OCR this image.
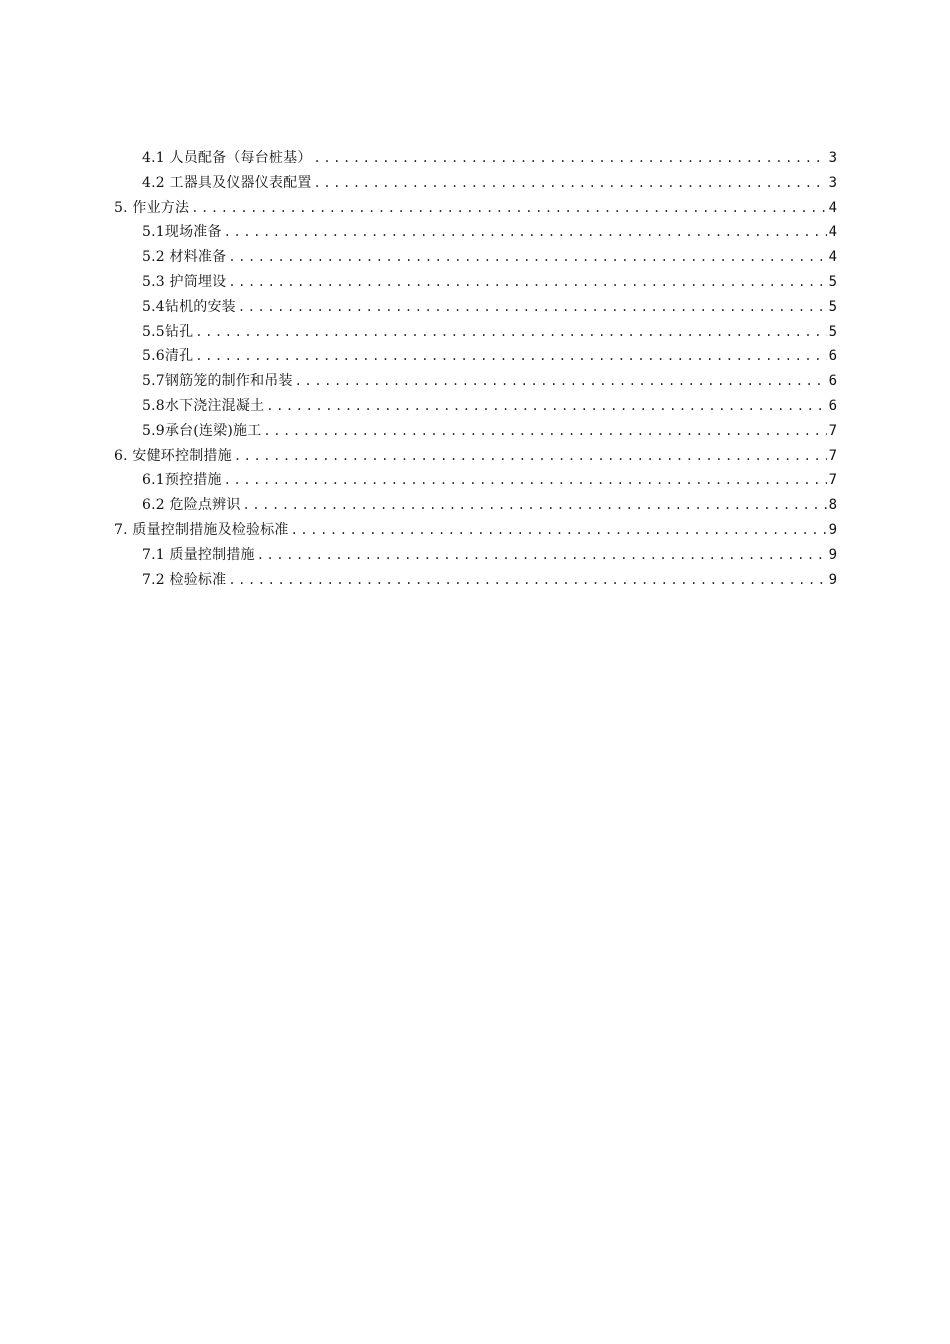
4.1 人员配备（每台桩基） .....	3
4.2 工器具及仪器仪表配置 .....	3
5. 作业方法 .....	4
5.1现场准备 .....	4
5.2 材料准备 .....	4
5.3 护筒埋设 .....	5
5.4钻机的安装 .....	5
5.5钻孔 .....	5
5.6清孔 .....	6
5.7钢筋笼的制作和吊装 .....	6
5.8水下浇注混凝土 .....	6
5.9承台(连梁)施工 .....	7
6. 安健环控制措施 .....	7
6.1预控措施 .....	7
6.2 危险点辨识 .....	8
7. 质量控制措施及检验标准 .....	9
7.1 质量控制措施 .....	9
7.2 检验标准 .....	9
